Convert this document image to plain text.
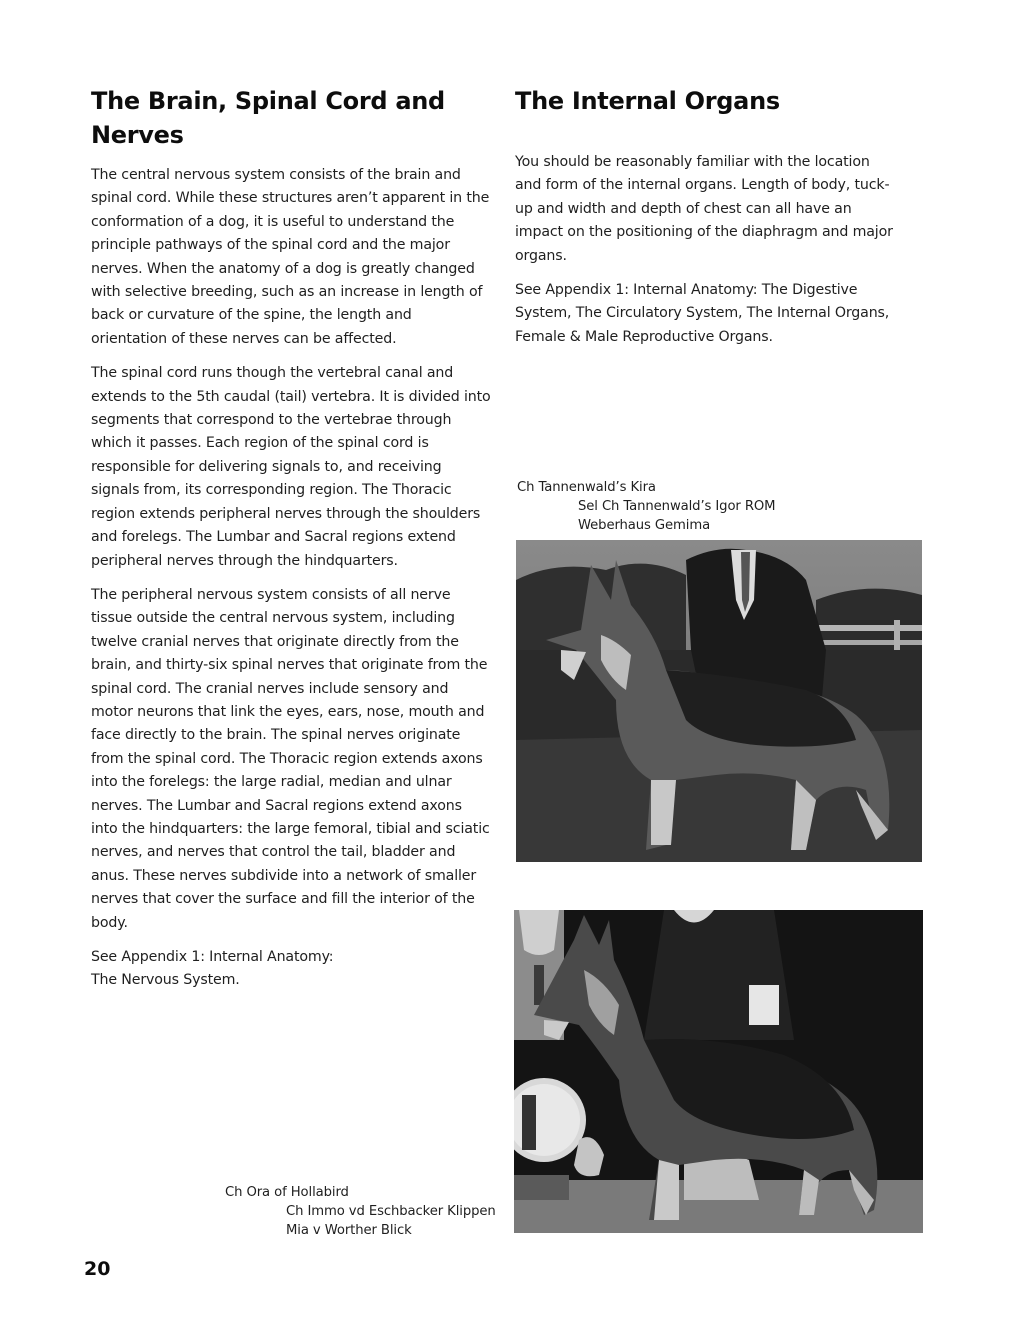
The Brain, Spinal Cord and Nerves

The central nervous system consists of the brain and spinal cord. While these structures aren’t apparent in the conformation of a dog, it is useful to understand the principle pathways of the spinal cord and the major nerves. When the anatomy of a dog is greatly changed with selective breeding, such as an increase in length of back or curvature of the spine, the length and orientation of these nerves can be affected.

The spinal cord runs though the vertebral canal and extends to the 5th caudal (tail) vertebra. It is divided into segments that correspond to the vertebrae through which it passes. Each region of the spinal cord is responsible for delivering signals to, and receiving signals from, its corresponding region. The Thoracic region extends peripheral nerves through the shoulders and forelegs. The Lumbar and Sacral regions extend peripheral nerves through the hindquarters.

The peripheral nervous system consists of all nerve tissue outside the central nervous system, including twelve cranial nerves that originate directly from the brain, and thirty-six spinal nerves that originate from the spinal cord. The cranial nerves include sensory and motor neurons that link the eyes, ears, nose, mouth and face directly to the brain. The spinal nerves originate from the spinal cord. The Thoracic region extends axons into the forelegs: the large radial, median and ulnar nerves. The Lumbar and Sacral regions extend axons into the hindquarters: the large femoral, tibial and sciatic nerves, and nerves that control the tail, bladder and anus. These nerves subdivide into a network of smaller nerves that cover the surface and fill the interior of the body.

See Appendix 1: Internal Anatomy: The Nervous System.

The Internal Organs

You should be reasonably familiar with the location and form of the internal organs. Length of body, tuck-up and width and depth of chest can all have an impact on the positioning of the diaphragm and major organs.

See Appendix 1: Internal Anatomy: The Digestive System, The Circulatory System, The Internal Organs, Female & Male Reproductive Organs.

Ch Tannenwald’s Kira
Sel Ch Tannenwald’s Igor ROM
Weberhaus Gemima
Ch Ora of Hollabird
Ch Immo vd Eschbacker Klippen
Mia v Worther Blick
20
